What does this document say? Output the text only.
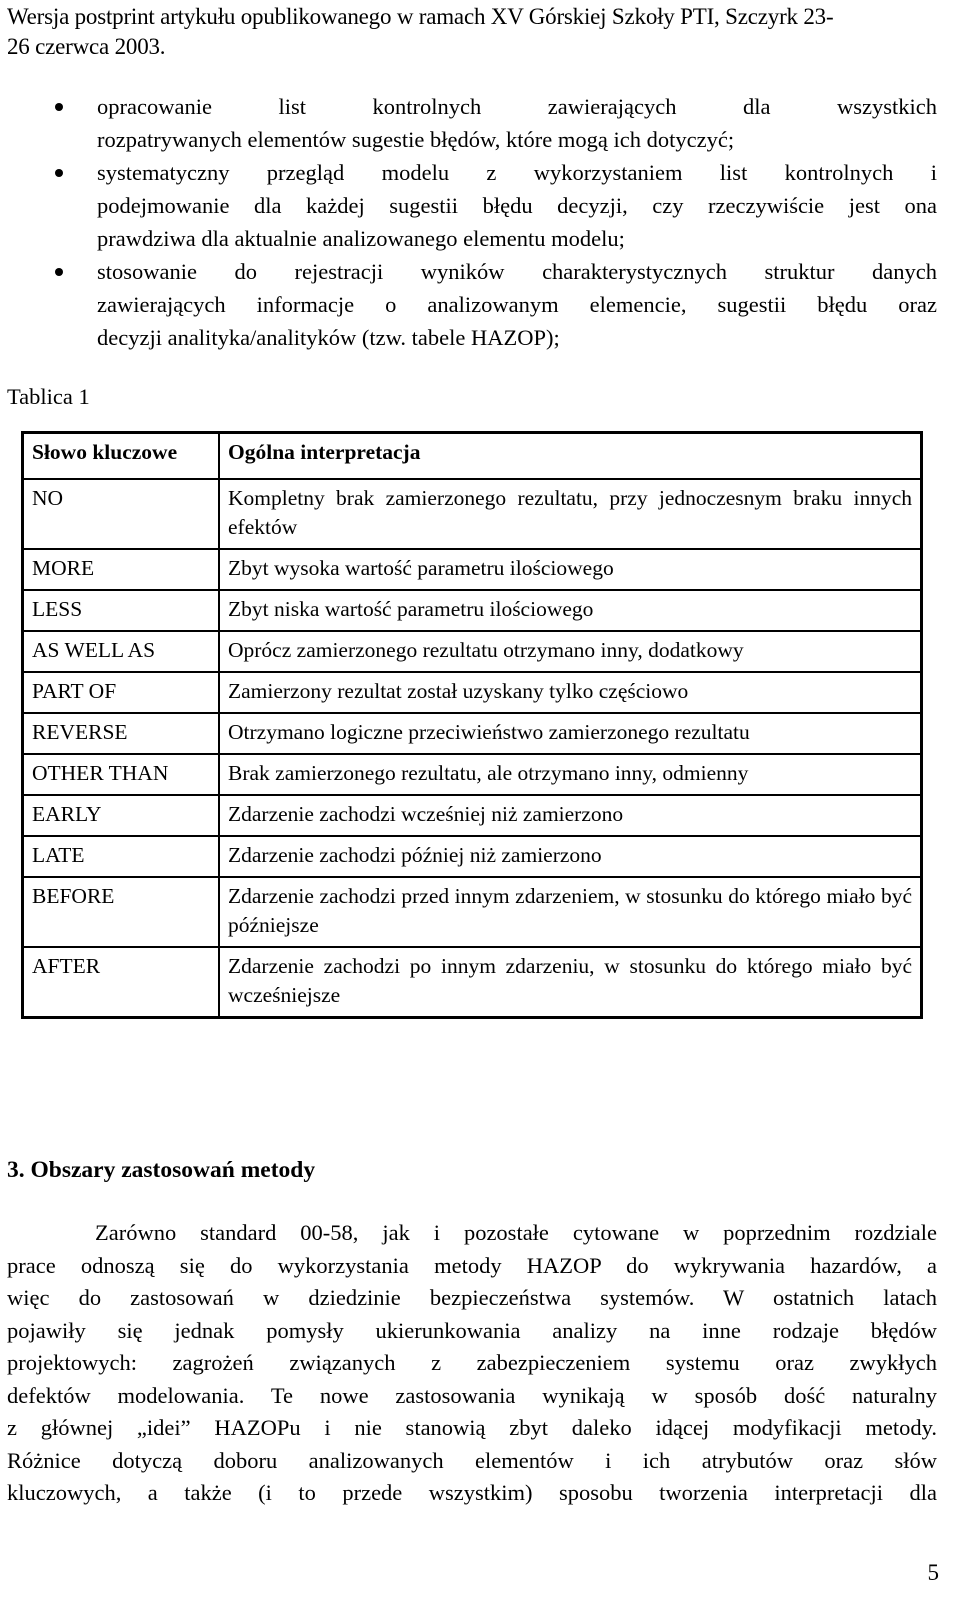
Wersja postprint artykułu opublikowanego w ramach XV Górskiej Szkoły PTI, Szczyrk 23-
26 czerwca 2003.
opracowanie list kontrolnych zawierających dla wszystkich
rozpatrywanych elementów sugestie błędów, które mogą ich dotyczyć;
systematyczny przegląd modelu z wykorzystaniem list kontrolnych i
podejmowanie dla każdej sugestii błędu decyzji, czy rzeczywiście jest ona
prawdziwa dla aktualnie analizowanego elementu modelu;
stosowanie do rejestracji wyników charakterystycznych struktur danych
zawierających informacje o analizowanym elemencie, sugestii błędu oraz
decyzji analityka/analityków (tzw. tabele HAZOP);
Tablica 1
Słowo kluczowe	Ogólna interpretacja
NO	Kompletny brak zamierzonego rezultatu, przy jednoczesnym braku innych efektów
MORE	Zbyt wysoka wartość parametru ilościowego
LESS	Zbyt niska wartość parametru ilościowego
AS WELL AS	Oprócz zamierzonego rezultatu otrzymano inny, dodatkowy
PART OF	Zamierzony rezultat został uzyskany tylko częściowo
REVERSE	Otrzymano logiczne przeciwieństwo zamierzonego rezultatu
OTHER THAN	Brak zamierzonego rezultatu, ale otrzymano inny, odmienny
EARLY	Zdarzenie zachodzi wcześniej niż zamierzono
LATE	Zdarzenie zachodzi później niż zamierzono
BEFORE	Zdarzenie zachodzi przed innym zdarzeniem, w stosunku do którego miało być późniejsze
AFTER	Zdarzenie zachodzi po innym zdarzeniu, w stosunku do którego miało być wcześniejsze
3. Obszary zastosowań metody
Zarówno standard 00-58, jak i pozostałe cytowane w poprzednim rozdziale
prace odnoszą się do wykorzystania metody HAZOP do wykrywania hazardów, a
więc do zastosowań w dziedzinie bezpieczeństwa systemów. W ostatnich latach
pojawiły się jednak pomysły ukierunkowania analizy na inne rodzaje błędów
projektowych: zagrożeń związanych z zabezpieczeniem systemu oraz zwykłych
defektów modelowania. Te nowe zastosowania wynikają w sposób dość naturalny
z głównej „idei” HAZOPu i nie stanowią zbyt daleko idącej modyfikacji metody.
Różnice dotyczą doboru analizowanych elementów i ich atrybutów oraz słów
kluczowych, a także (i to przede wszystkim) sposobu tworzenia interpretacji dla
5
